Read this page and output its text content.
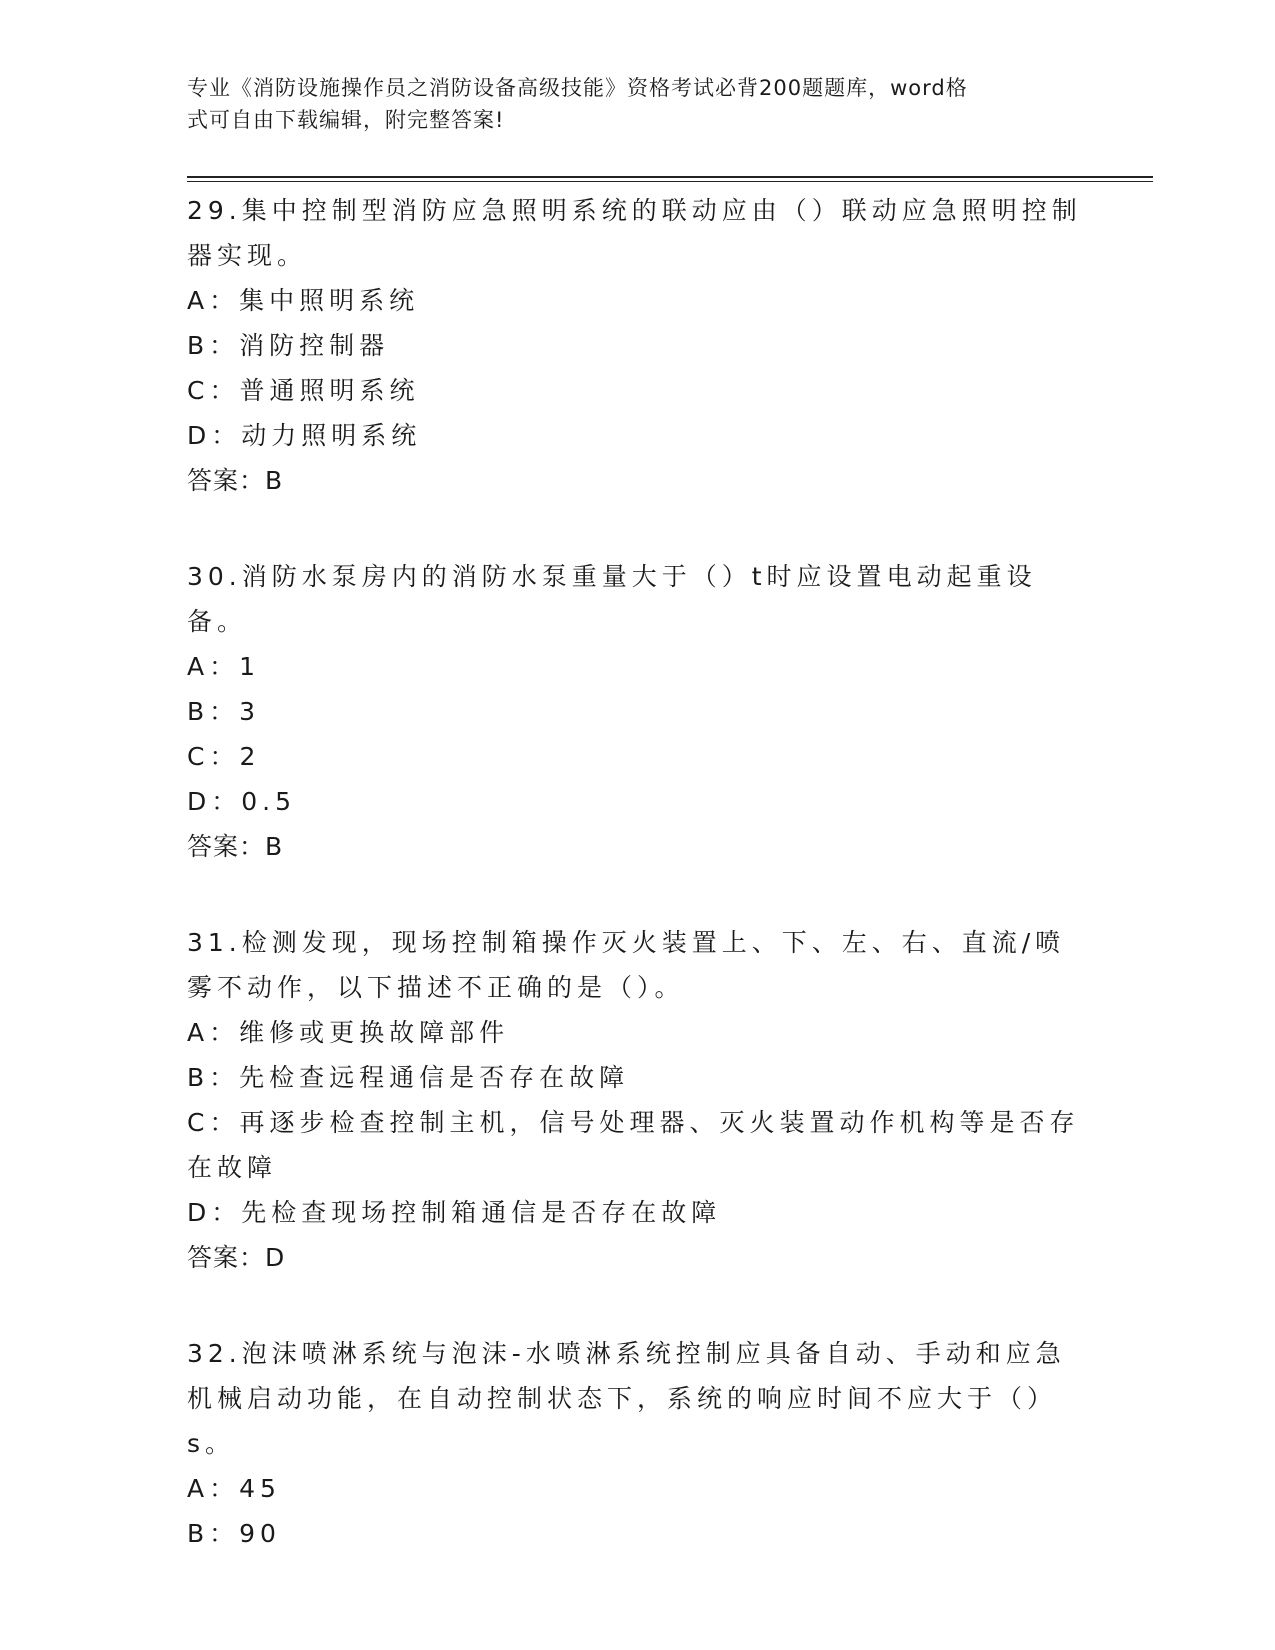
专业《消防设施操作员之消防设备高级技能》资格考试必背200题题库，word格
式可自由下载编辑，附完整答案!

29.集中控制型消防应急照明系统的联动应由（）联动应急照明控制器实现。

A：集中照明系统

B：消防控制器

C：普通照明系统

D：动力照明系统

答案：B

30.消防水泵房内的消防水泵重量大于（）t时应设置电动起重设备。

A：1

B：3

C：2

D：0.5

答案：B

31.检测发现，现场控制箱操作灭火装置上、下、左、右、直流/喷雾不动作，以下描述不正确的是（）。

A：维修或更换故障部件

B：先检查远程通信是否存在故障

C：再逐步检查控制主机，信号处理器、灭火装置动作机构等是否存在故障

D：先检查现场控制箱通信是否存在故障

答案：D

32.泡沫喷淋系统与泡沫-水喷淋系统控制应具备自动、手动和应急机械启动功能，在自动控制状态下，系统的响应时间不应大于（）s。

A：45

B：90
